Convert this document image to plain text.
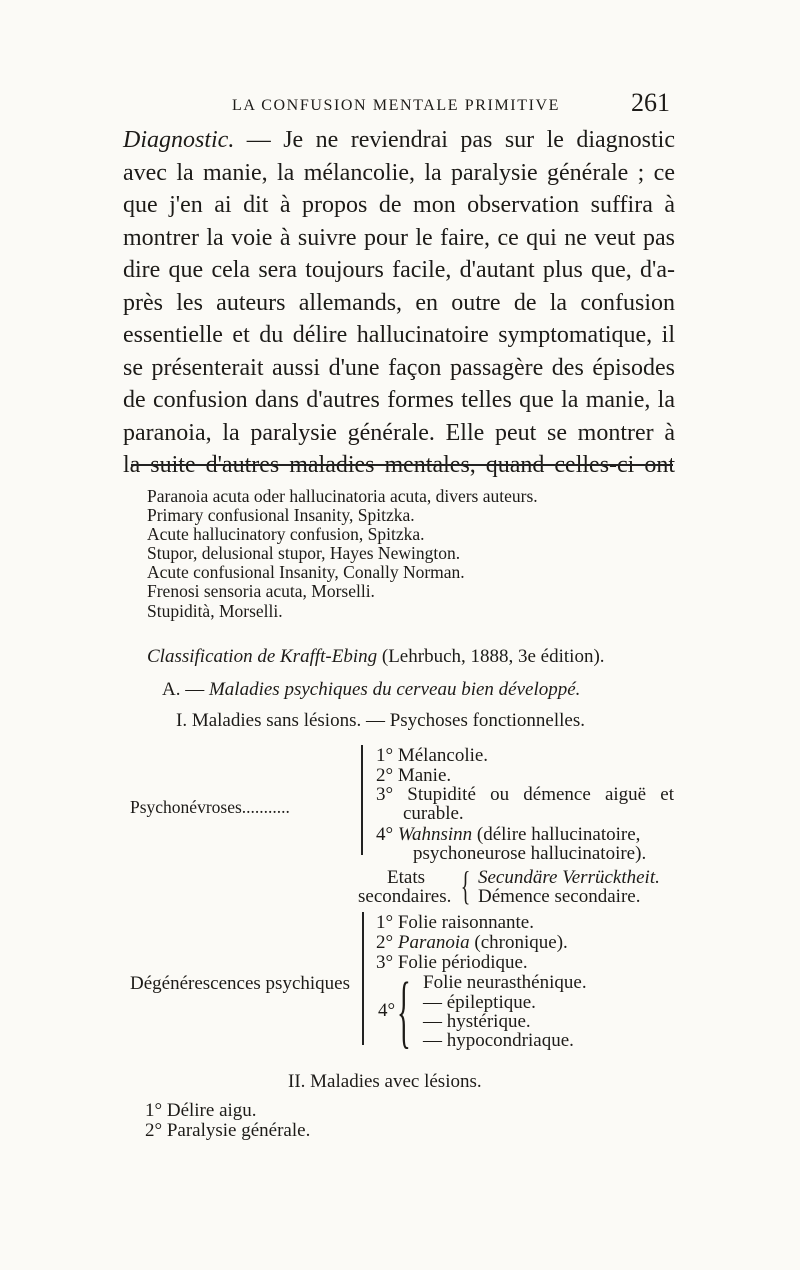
LA CONFUSION MENTALE PRIMITIVE	261
Diagnostic. — Je ne reviendrai pas sur le diagnostic
avec la manie, la mélancolie, la paralysie générale ; ce
que j'en ai dit à propos de mon observation suffira à
montrer la voie à suivre pour le faire, ce qui ne veut pas
dire que cela sera toujours facile, d'autant plus que, d'a-
près les auteurs allemands, en outre de la confusion
essentielle et du délire hallucinatoire symptomatique, il
se présenterait aussi d'une façon passagère des épisodes
de confusion dans d'autres formes telles que la manie, la
paranoia, la paralysie générale. Elle peut se montrer à
la suite d'autres maladies mentales, quand celles-ci ont
Paranoia acuta oder hallucinatoria acuta, divers auteurs.
Primary confusional Insanity, Spitzka.
Acute hallucinatory confusion, Spitzka.
Stupor, delusional stupor, Hayes Newington.
Acute confusional Insanity, Conally Norman.
Frenosi sensoria acuta, Morselli.
Stupidità, Morselli.
Classification de Krafft-Ebing (Lehrbuch, 1888, 3e édition).
A. — Maladies psychiques du cerveau bien développé.
I. Maladies sans lésions. — Psychoses fonctionnelles.
Psychonévroses...........
1° Mélancolie.
2° Manie.
3° Stupidité ou démence aiguë et
curable.
4° Wahnsinn (délire hallucinatoire,
psychoneurose hallucinatoire).
Etats
secondaires. { Secundäre Verrücktheit.
Démence secondaire.
Dégénérescences psychiques
1° Folie raisonnante.
2° Paranoia (chronique).
3° Folie périodique.
4° { Folie neurasthénique.
— épileptique.
— hystérique.
— hypocondriaque.
II. Maladies avec lésions.
1° Délire aigu.
2° Paralysie générale.
